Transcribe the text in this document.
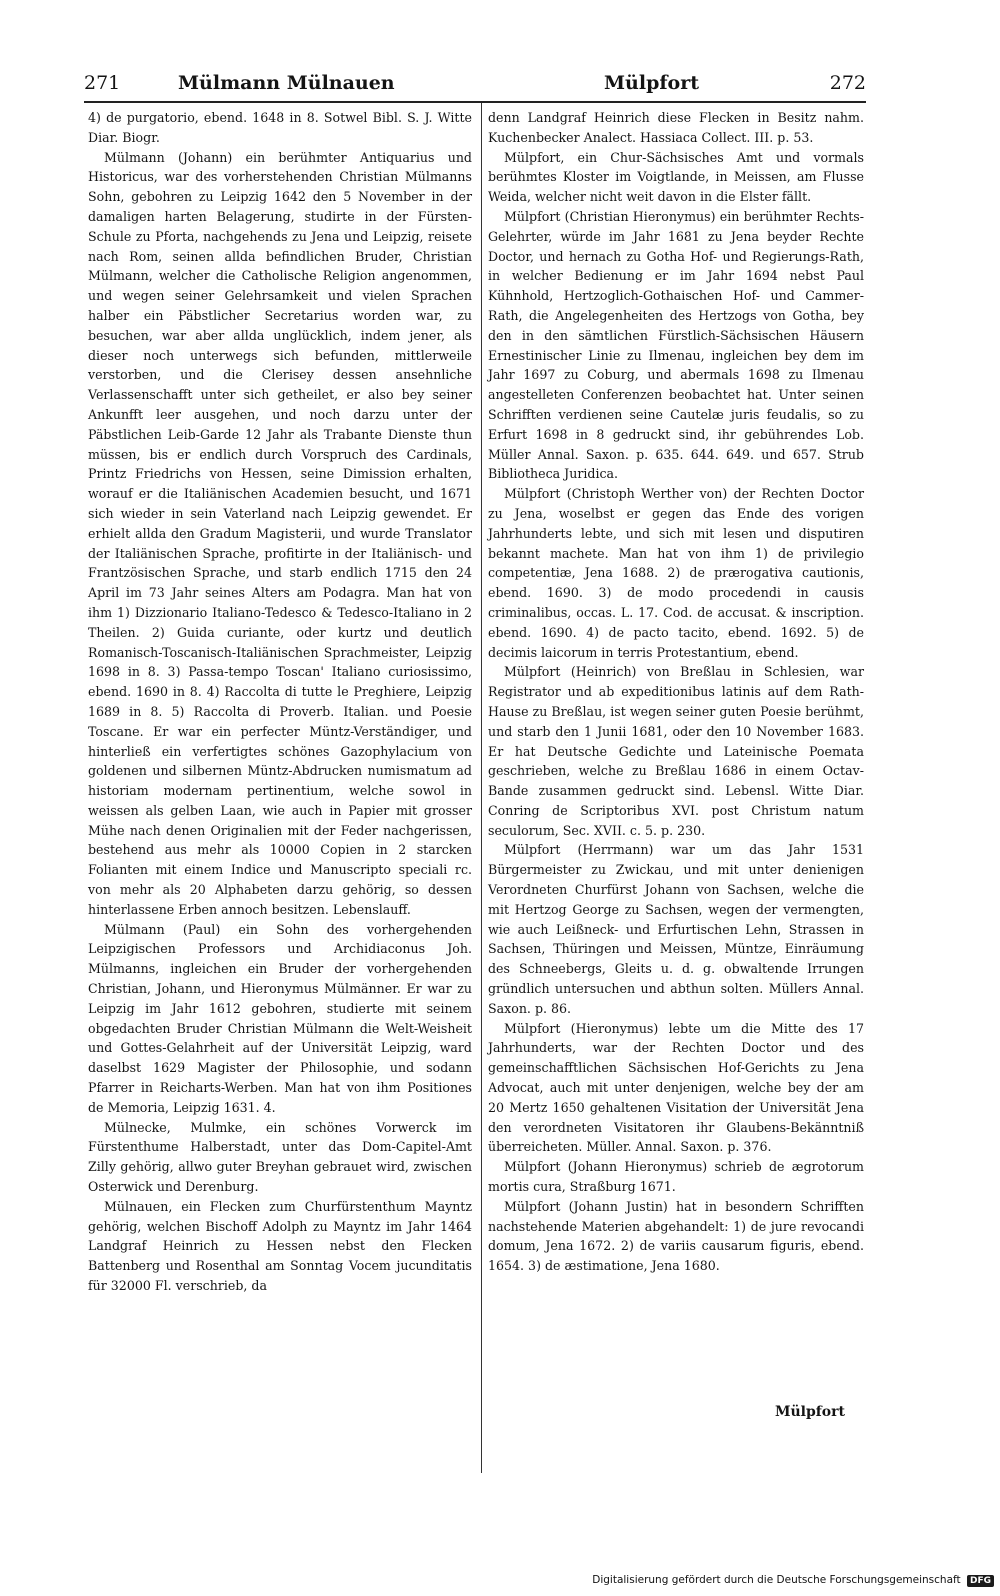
271	Mülmann Mülnauen	Mülpfort	272

4) de purgatorio, ebend. 1648 in 8. Sotwel Bibl. S. J. Witte Diar. Biogr.

Mülmann (Johann) ein berühmter Antiquarius und Historicus, war des vorherstehenden Christian Mülmanns Sohn, gebohren zu Leipzig 1642 den 5 November in der damaligen harten Belagerung, studirte in der Fürsten-Schule zu Pforta, nachgehends zu Jena und Leipzig, reisete nach Rom, seinen allda befindlichen Bruder, Christian Mülmann, welcher die Catholische Religion angenommen, und wegen seiner Gelehrsamkeit und vielen Sprachen halber ein Päbstlicher Secretarius worden war, zu besuchen, war aber allda unglücklich, indem jener, als dieser noch unterwegs sich befunden, mittlerweile verstorben, und die Clerisey dessen ansehnliche Verlassenschafft unter sich getheilet, er also bey seiner Ankunfft leer ausgehen, und noch darzu unter der Päbstlichen Leib-Garde 12 Jahr als Trabante Dienste thun müssen, bis er endlich durch Vorspruch des Cardinals, Printz Friedrichs von Hessen, seine Dimission erhalten, worauf er die Italiänischen Academien besucht, und 1671 sich wieder in sein Vaterland nach Leipzig gewendet. Er erhielt allda den Gradum Magisterii, und wurde Translator der Italiänischen Sprache, profitirte in der Italiänisch- und Frantzösischen Sprache, und starb endlich 1715 den 24 April im 73 Jahr seines Alters am Podagra. Man hat von ihm 1) Dizzionario Italiano-Tedesco & Tedesco-Italiano in 2 Theilen. 2) Guida curiante, oder kurtz und deutlich Romanisch-Toscanisch-Italiänischen Sprachmeister, Leipzig 1698 in 8. 3) Passa-tempo Toscan' Italiano curiosissimo, ebend. 1690 in 8. 4) Raccolta di tutte le Preghiere, Leipzig 1689 in 8. 5) Raccolta di Proverb. Italian. und Poesie Toscane. Er war ein perfecter Müntz-Verständiger, und hinterließ ein verfertigtes schönes Gazophylacium von goldenen und silbernen Müntz-Abdrucken numismatum ad historiam modernam pertinentium, welche sowol in weissen als gelben Laan, wie auch in Papier mit grosser Mühe nach denen Originalien mit der Feder nachgerissen, bestehend aus mehr als 10000 Copien in 2 starcken Folianten mit einem Indice und Manuscripto speciali rc. von mehr als 20 Alphabeten darzu gehörig, so dessen hinterlassene Erben annoch besitzen. Lebenslauff.

Mülmann (Paul) ein Sohn des vorhergehenden Leipzigischen Professors und Archidiaconus Joh. Mülmanns, ingleichen ein Bruder der vorhergehenden Christian, Johann, und Hieronymus Mülmänner. Er war zu Leipzig im Jahr 1612 gebohren, studierte mit seinem obgedachten Bruder Christian Mülmann die Welt-Weisheit und Gottes-Gelahrheit auf der Universität Leipzig, ward daselbst 1629 Magister der Philosophie, und sodann Pfarrer in Reicharts-Werben. Man hat von ihm Positiones de Memoria, Leipzig 1631. 4.

Mülnecke, Mulmke, ein schönes Vorwerck im Fürstenthume Halberstadt, unter das Dom-Capitel-Amt Zilly gehörig, allwo guter Breyhan gebrauet wird, zwischen Osterwick und Derenburg.

Mülnauen, ein Flecken zum Churfürstenthum Mayntz gehörig, welchen Bischoff Adolph zu Mayntz im Jahr 1464 Landgraf Heinrich zu Hessen nebst den Flecken Battenberg und Rosenthal am Sonntag Vocem jucunditatis für 32000 Fl. verschrieb, da

denn Landgraf Heinrich diese Flecken in Besitz nahm. Kuchenbecker Analect. Hassiaca Collect. III. p. 53.

Mülpfort, ein Chur-Sächsisches Amt und vormals berühmtes Kloster im Voigtlande, in Meissen, am Flusse Weida, welcher nicht weit davon in die Elster fällt.

Mülpfort (Christian Hieronymus) ein berühmter Rechts-Gelehrter, würde im Jahr 1681 zu Jena beyder Rechte Doctor, und hernach zu Gotha Hof- und Regierungs-Rath, in welcher Bedienung er im Jahr 1694 nebst Paul Kühnhold, Hertzoglich-Gothaischen Hof- und Cammer-Rath, die Angelegenheiten des Hertzogs von Gotha, bey den in den sämtlichen Fürstlich-Sächsischen Häusern Ernestinischer Linie zu Ilmenau, ingleichen bey dem im Jahr 1697 zu Coburg, und abermals 1698 zu Ilmenau angestelleten Conferenzen beobachtet hat. Unter seinen Schrifften verdienen seine Cautelæ juris feudalis, so zu Erfurt 1698 in 8 gedruckt sind, ihr gebührendes Lob. Müller Annal. Saxon. p. 635. 644. 649. und 657. Strub Bibliotheca Juridica.

Mülpfort (Christoph Werther von) der Rechten Doctor zu Jena, woselbst er gegen das Ende des vorigen Jahrhunderts lebte, und sich mit lesen und disputiren bekannt machete. Man hat von ihm 1) de privilegio competentiæ, Jena 1688. 2) de prærogativa cautionis, ebend. 1690. 3) de modo procedendi in causis criminalibus, occas. L. 17. Cod. de accusat. & inscription. ebend. 1690. 4) de pacto tacito, ebend. 1692. 5) de decimis laicorum in terris Protestantium, ebend.

Mülpfort (Heinrich) von Breßlau in Schlesien, war Registrator und ab expeditionibus latinis auf dem Rath-Hause zu Breßlau, ist wegen seiner guten Poesie berühmt, und starb den 1 Junii 1681, oder den 10 November 1683. Er hat Deutsche Gedichte und Lateinische Poemata geschrieben, welche zu Breßlau 1686 in einem Octav-Bande zusammen gedruckt sind. Lebensl. Witte Diar. Conring de Scriptoribus XVI. post Christum natum seculorum, Sec. XVII. c. 5. p. 230.

Mülpfort (Herrmann) war um das Jahr 1531 Bürgermeister zu Zwickau, und mit unter denienigen Verordneten Churfürst Johann von Sachsen, welche die mit Hertzog George zu Sachsen, wegen der vermengten, wie auch Leißneck- und Erfurtischen Lehn, Strassen in Sachsen, Thüringen und Meissen, Müntze, Einräumung des Schneebergs, Gleits u. d. g. obwaltende Irrungen gründlich untersuchen und abthun solten. Müllers Annal. Saxon. p. 86.

Mülpfort (Hieronymus) lebte um die Mitte des 17 Jahrhunderts, war der Rechten Doctor und des gemeinschafftlichen Sächsischen Hof-Gerichts zu Jena Advocat, auch mit unter denjenigen, welche bey der am 20 Mertz 1650 gehaltenen Visitation der Universität Jena den verordneten Visitatoren ihr Glaubens-Bekänntniß überreicheten. Müller. Annal. Saxon. p. 376.

Mülpfort (Johann Hieronymus) schrieb de ægrotorum mortis cura, Straßburg 1671.

Mülpfort (Johann Justin) hat in besondern Schrifften nachstehende Materien abgehandelt: 1) de jure revocandi domum, Jena 1672. 2) de variis causarum figuris, ebend. 1654. 3) de æstimatione, Jena 1680.

Mülpfort
Digitalisierung gefördert durch die Deutsche Forschungsgemeinschaft DFG
